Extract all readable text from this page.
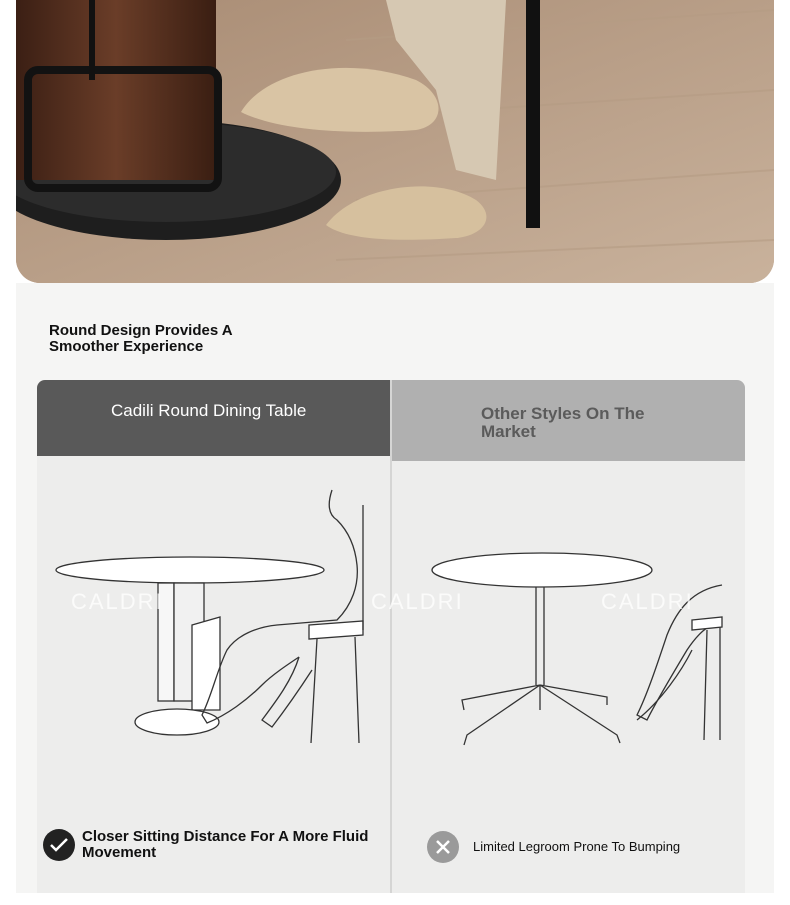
Round Design Provides A Smoother Experience
Cadili Round Dining Table
Closer Sitting Distance For A More Fluid Movement
Other Styles On The Market
Limited Legroom Prone To Bumping
CALDRI	CALDRI	CALDRI
